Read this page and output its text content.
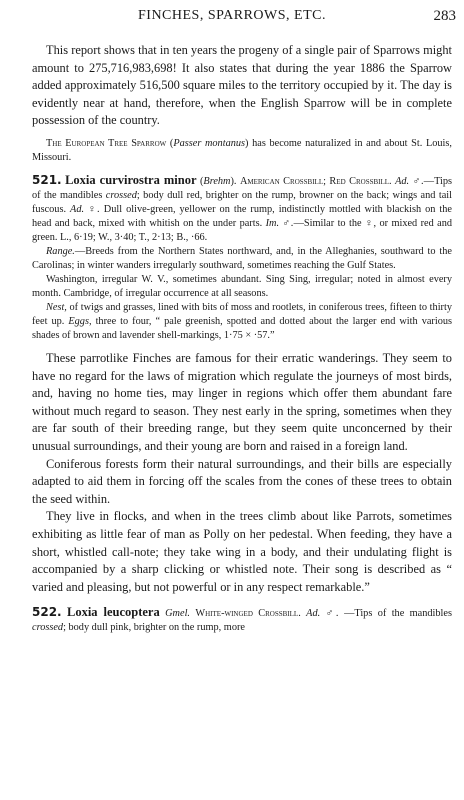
FINCHES, SPARROWS, ETC.	283

This report shows that in ten years the progeny of a single pair of Sparrows might amount to 275,716,983,698! It also states that during the year 1886 the Sparrow added approximately 516,500 square miles to the territory occupied by it. The day is evidently near at hand, therefore, when the English Sparrow will be in complete possession of the country.

The European Tree Sparrow (Passer montanus) has become naturalized in and about St. Louis, Missouri.

521. Loxia curvirostra minor (Brehm). American Crossbill; Red Crossbill. Ad. ♂.—Tips of the mandibles crossed; body dull red, brighter on the rump, browner on the back; wings and tail fuscous. Ad. ♀. Dull olive-green, yellower on the rump, indistinctly mottled with blackish on the head and back, mixed with whitish on the under parts. Im. ♂.—Similar to the ♀, or mixed red and green. L., 6·19; W., 3·40; T., 2·13; B., ·66.

Range.—Breeds from the Northern States northward, and, in the Alleghanies, southward to the Carolinas; in winter wanders irregularly southward, sometimes reaching the Gulf States.

Washington, irregular W. V., sometimes abundant. Sing Sing, irregular; noted in almost every month. Cambridge, of irregular occurrence at all seasons.

Nest, of twigs and grasses, lined with bits of moss and rootlets, in coniferous trees, fifteen to thirty feet up. Eggs, three to four, “ pale greenish, spotted and dotted about the larger end with various shades of brown and lavender shell-markings, 1·75 × ·57.”

These parrotlike Finches are famous for their erratic wanderings. They seem to have no regard for the laws of migration which regulate the journeys of most birds, and, having no home ties, may linger in regions which offer them abundant fare without much regard to season. They nest early in the spring, sometimes when they are far south of their breeding range, but they seem quite unconcerned by their unusual surroundings, and their young are born and raised in a foreign land.

Coniferous forests form their natural surroundings, and their bills are especially adapted to aid them in forcing off the scales from the cones of these trees to obtain the seed within.

They live in flocks, and when in the trees climb about like Parrots, sometimes exhibiting as little fear of man as Polly on her pedestal. When feeding, they have a short, whistled call-note; they take wing in a body, and their undulating flight is accompanied by a sharp clicking or whistled note. Their song is described as “ varied and pleasing, but not powerful or in any respect remarkable.”

522. Loxia leucoptera Gmel. White-winged Crossbill. Ad. ♂. —Tips of the mandibles crossed; body dull pink, brighter on the rump, more
